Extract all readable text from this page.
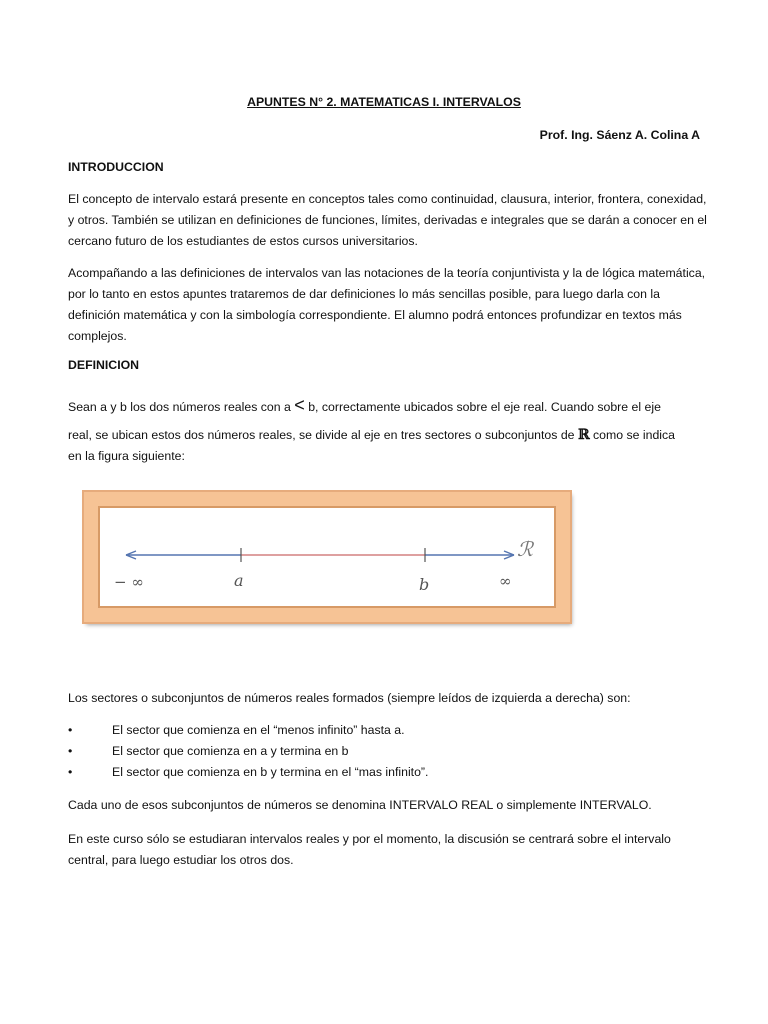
APUNTES N° 2. MATEMATICAS I. INTERVALOS

Prof. Ing. Sáenz A. Colina A

INTRODUCCION

El concepto de intervalo estará presente en conceptos tales como continuidad, clausura, interior, frontera, conexidad, y otros. También se utilizan en definiciones de funciones, límites, derivadas e integrales que se darán a conocer en el cercano futuro de los estudiantes de estos cursos universitarios.

Acompañando a las definiciones de intervalos van las notaciones de la teoría conjuntivista y la de lógica matemática, por lo tanto en estos apuntes trataremos de dar definiciones lo más sencillas posible, para luego darla con la definición matemática y con la simbología correspondiente. El alumno podrá entonces profundizar en textos más complejos.

DEFINICION

Sean a y b los dos números reales con a < b, correctamente ubicados sobre el eje real. Cuando sobre el eje

real, se ubican estos dos números reales, se divide al eje en tres sectores o subconjuntos de ℝ como se indica

en la figura siguiente:

− ∞	a	b	∞
ℛ

Los sectores o subconjuntos de números reales formados (siempre leídos de izquierda a derecha) son:

•	El sector que comienza en el “menos infinito” hasta a.
•	El sector que comienza en a y termina en b
•	El sector que comienza en b y termina en el “mas infinito”.

Cada uno de esos subconjuntos de números se denomina INTERVALO REAL o simplemente INTERVALO.

En este curso sólo se estudiaran intervalos reales y por el momento, la discusión se centrará sobre el intervalo central, para luego estudiar los otros dos.
